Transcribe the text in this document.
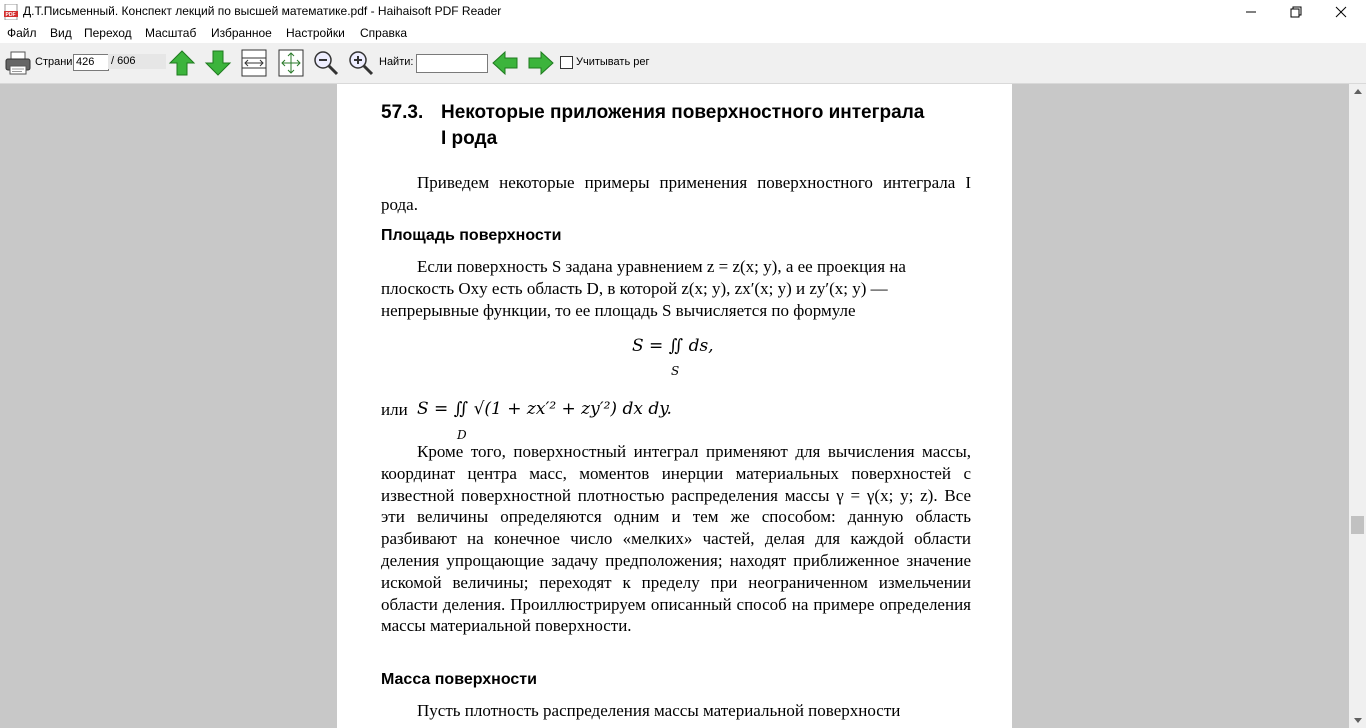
PDF Д.Т.Письменный. Конспект лекций по высшей математике.pdf - Haihaisoft PDF Reader
Файл Вид Переход Масштаб Избранное Настройки Справка
Страни 426	/ 606	Найти:	Учитывать рег
57.3. Некоторые приложения поверхностного интеграла
I рода
Приведем некоторые примеры применения поверхностного интеграла I рода.
Площадь поверхности
Если поверхность S задана уравнением z = z(x; y), а ее проекция на
плоскость Oxy есть область D, в которой z(x; y), zx′(x; y) и zy′(x; y) —
непрерывные функции, то ее площадь S вычисляется по формуле
S = ∬ ds,
S
или S = ∬ √(1 + zx′² + zy′²) dx dy.
D
Кроме того, поверхностный интеграл применяют для вычисления массы, координат центра масс, моментов инерции материальных поверхностей с известной поверхностной плотностью распределения массы γ = γ(x; y; z). Все эти величины определяются одним и тем же способом: данную область разбивают на конечное число «мелких» частей, делая для каждой области деления упрощающие задачу предположения; находят приближенное значение искомой величины; переходят к пределу при неограниченном измельчении области деления. Проиллюстрируем описанный способ на примере определения массы материальной поверхности.
Масса поверхности
Пусть плотность распределения массы материальной поверхности
